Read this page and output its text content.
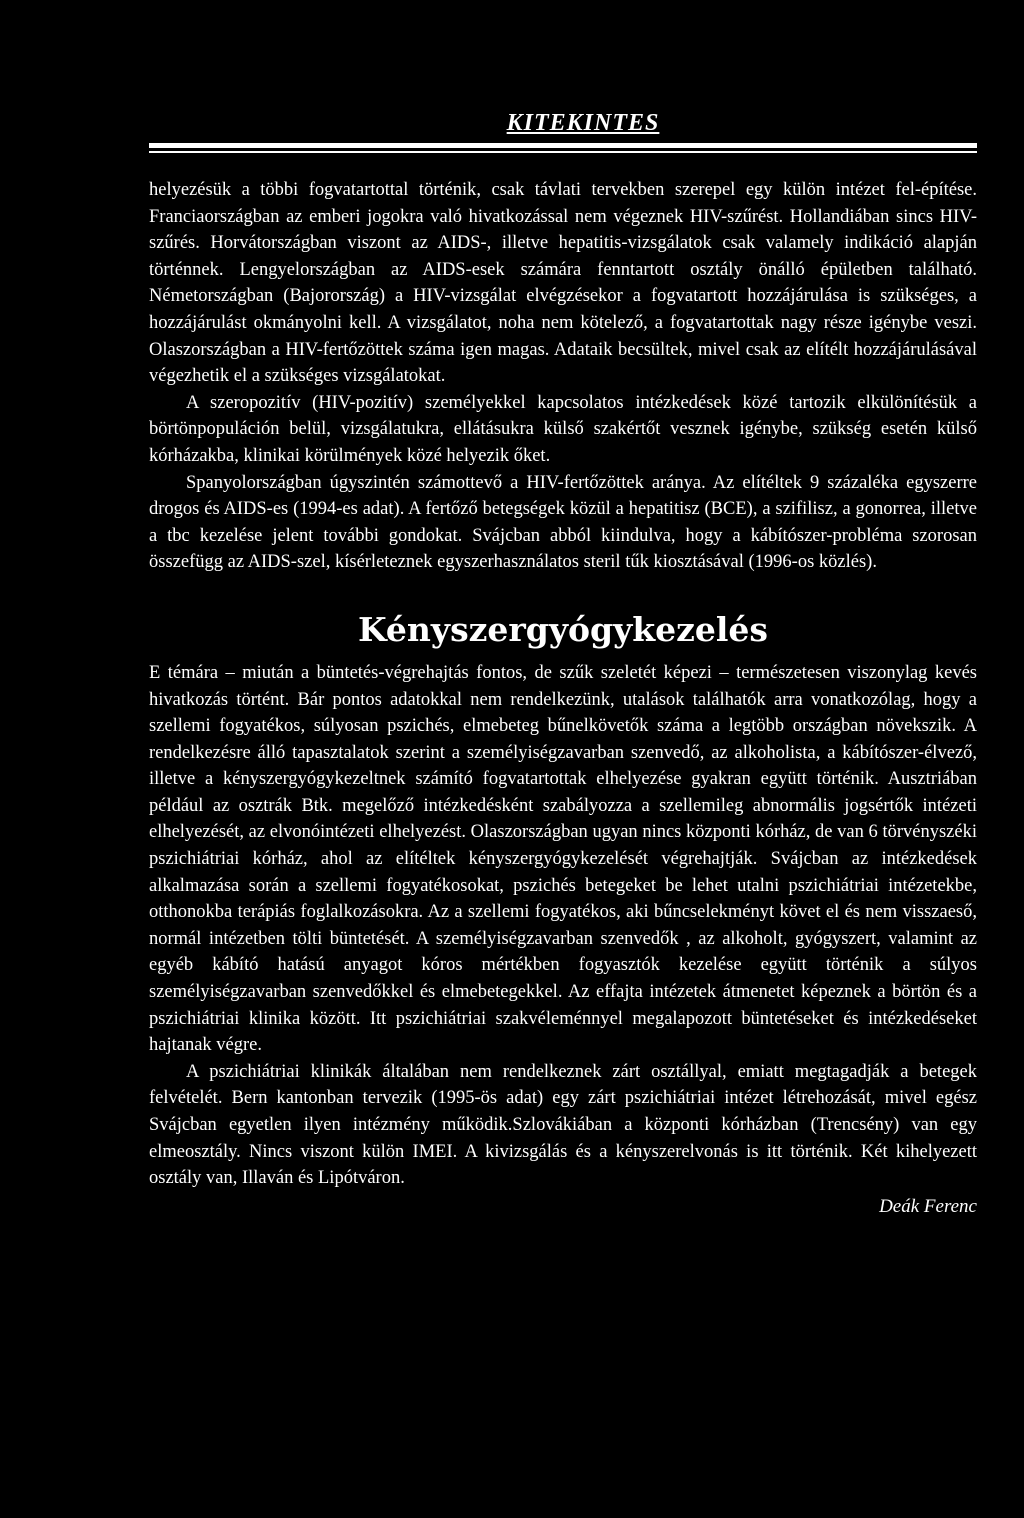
KITEKINTES

helyezésük a többi fogvatartottal történik, csak távlati tervekben szerepel egy külön intézet fel-építése. Franciaországban az emberi jogokra való hivatkozással nem végeznek HIV-szűrést. Hollandiában sincs HIV-szűrés. Horvátországban viszont az AIDS-, illetve hepatitis-vizsgálatok csak valamely indikáció alapján történnek. Lengyelországban az AIDS-esek számára fenntartott osztály önálló épületben található. Németországban (Bajorország) a HIV-vizsgálat elvégzésekor a fogvatartott hozzájárulása is szükséges, a hozzájárulást okmányolni kell. A vizsgálatot, noha nem kötelező, a fogvatartottak nagy része igénybe veszi. Olaszországban a HIV-fertőzöttek száma igen magas. Adataik becsültek, mivel csak az elítélt hozzájárulásával végezhetik el a szükséges vizsgálatokat.

A szeropozitív (HIV-pozitív) személyekkel kapcsolatos intézkedések közé tartozik elkülönítésük a börtönpopuláción belül, vizsgálatukra, ellátásukra külső szakértőt vesznek igénybe, szükség esetén külső kórházakba, klinikai körülmények közé helyezik őket.

Spanyolországban úgyszintén számottevő a HIV-fertőzöttek aránya. Az elítéltek 9 százaléka egyszerre drogos és AIDS-es (1994-es adat). A fertőző betegségek közül a hepatitisz (BCE), a szifilisz, a gonorrea, illetve a tbc kezelése jelent további gondokat. Svájcban abból kiindulva, hogy a kábítószer-probléma szorosan összefügg az AIDS-szel, kísérleteznek egyszerhasználatos steril tűk kiosztásával (1996-os közlés).

Kényszergyógykezelés

E témára – miután a büntetés-végrehajtás fontos, de szűk szeletét képezi – természetesen viszonylag kevés hivatkozás történt. Bár pontos adatokkal nem rendelkezünk, utalások találhatók arra vonatkozólag, hogy a szellemi fogyatékos, súlyosan pszichés, elmebeteg bűnelkövetők száma a legtöbb országban növekszik. A rendelkezésre álló tapasztalatok szerint a személyiségzavarban szenvedő, az alkoholista, a kábítószer-élvező, illetve a kényszergyógykezeltnek számító fogvatartottak elhelyezése gyakran együtt történik. Ausztriában például az osztrák Btk. megelőző intézkedésként szabályozza a szellemileg abnormális jogsértők intézeti elhelyezését, az elvonóintézeti elhelyezést. Olaszországban ugyan nincs központi kórház, de van 6 törvényszéki pszichiátriai kórház, ahol az elítéltek kényszergyógykezelését végrehajtják. Svájcban az intézkedések alkalmazása során a szellemi fogyatékosokat, pszichés betegeket be lehet utalni pszichiátriai intézetekbe, otthonokba terápiás foglalkozásokra. Az a szellemi fogyatékos, aki bűncselekményt követ el és nem visszaeső, normál intézetben tölti büntetését. A személyiségzavarban szenvedők , az alkoholt, gyógyszert, valamint az egyéb kábító hatású anyagot kóros mértékben fogyasztók kezelése együtt történik a súlyos személyiségzavarban szenvedőkkel és elmebetegekkel. Az effajta intézetek átmenetet képeznek a börtön és a pszichiátriai klinika között. Itt pszichiátriai szakvéleménnyel megalapozott büntetéseket és intézkedéseket hajtanak végre.

A pszichiátriai klinikák általában nem rendelkeznek zárt osztállyal, emiatt megtagadják a betegek felvételét. Bern kantonban tervezik (1995-ös adat) egy zárt pszichiátriai intézet létrehozását, mivel egész Svájcban egyetlen ilyen intézmény működik.Szlovákiában a központi kórházban (Trencsény) van egy elmeosztály. Nincs viszont külön IMEI. A kivizsgálás és a kényszerelvonás is itt történik. Két kihelyezett osztály van, Illaván és Lipótváron.

Deák Ferenc
